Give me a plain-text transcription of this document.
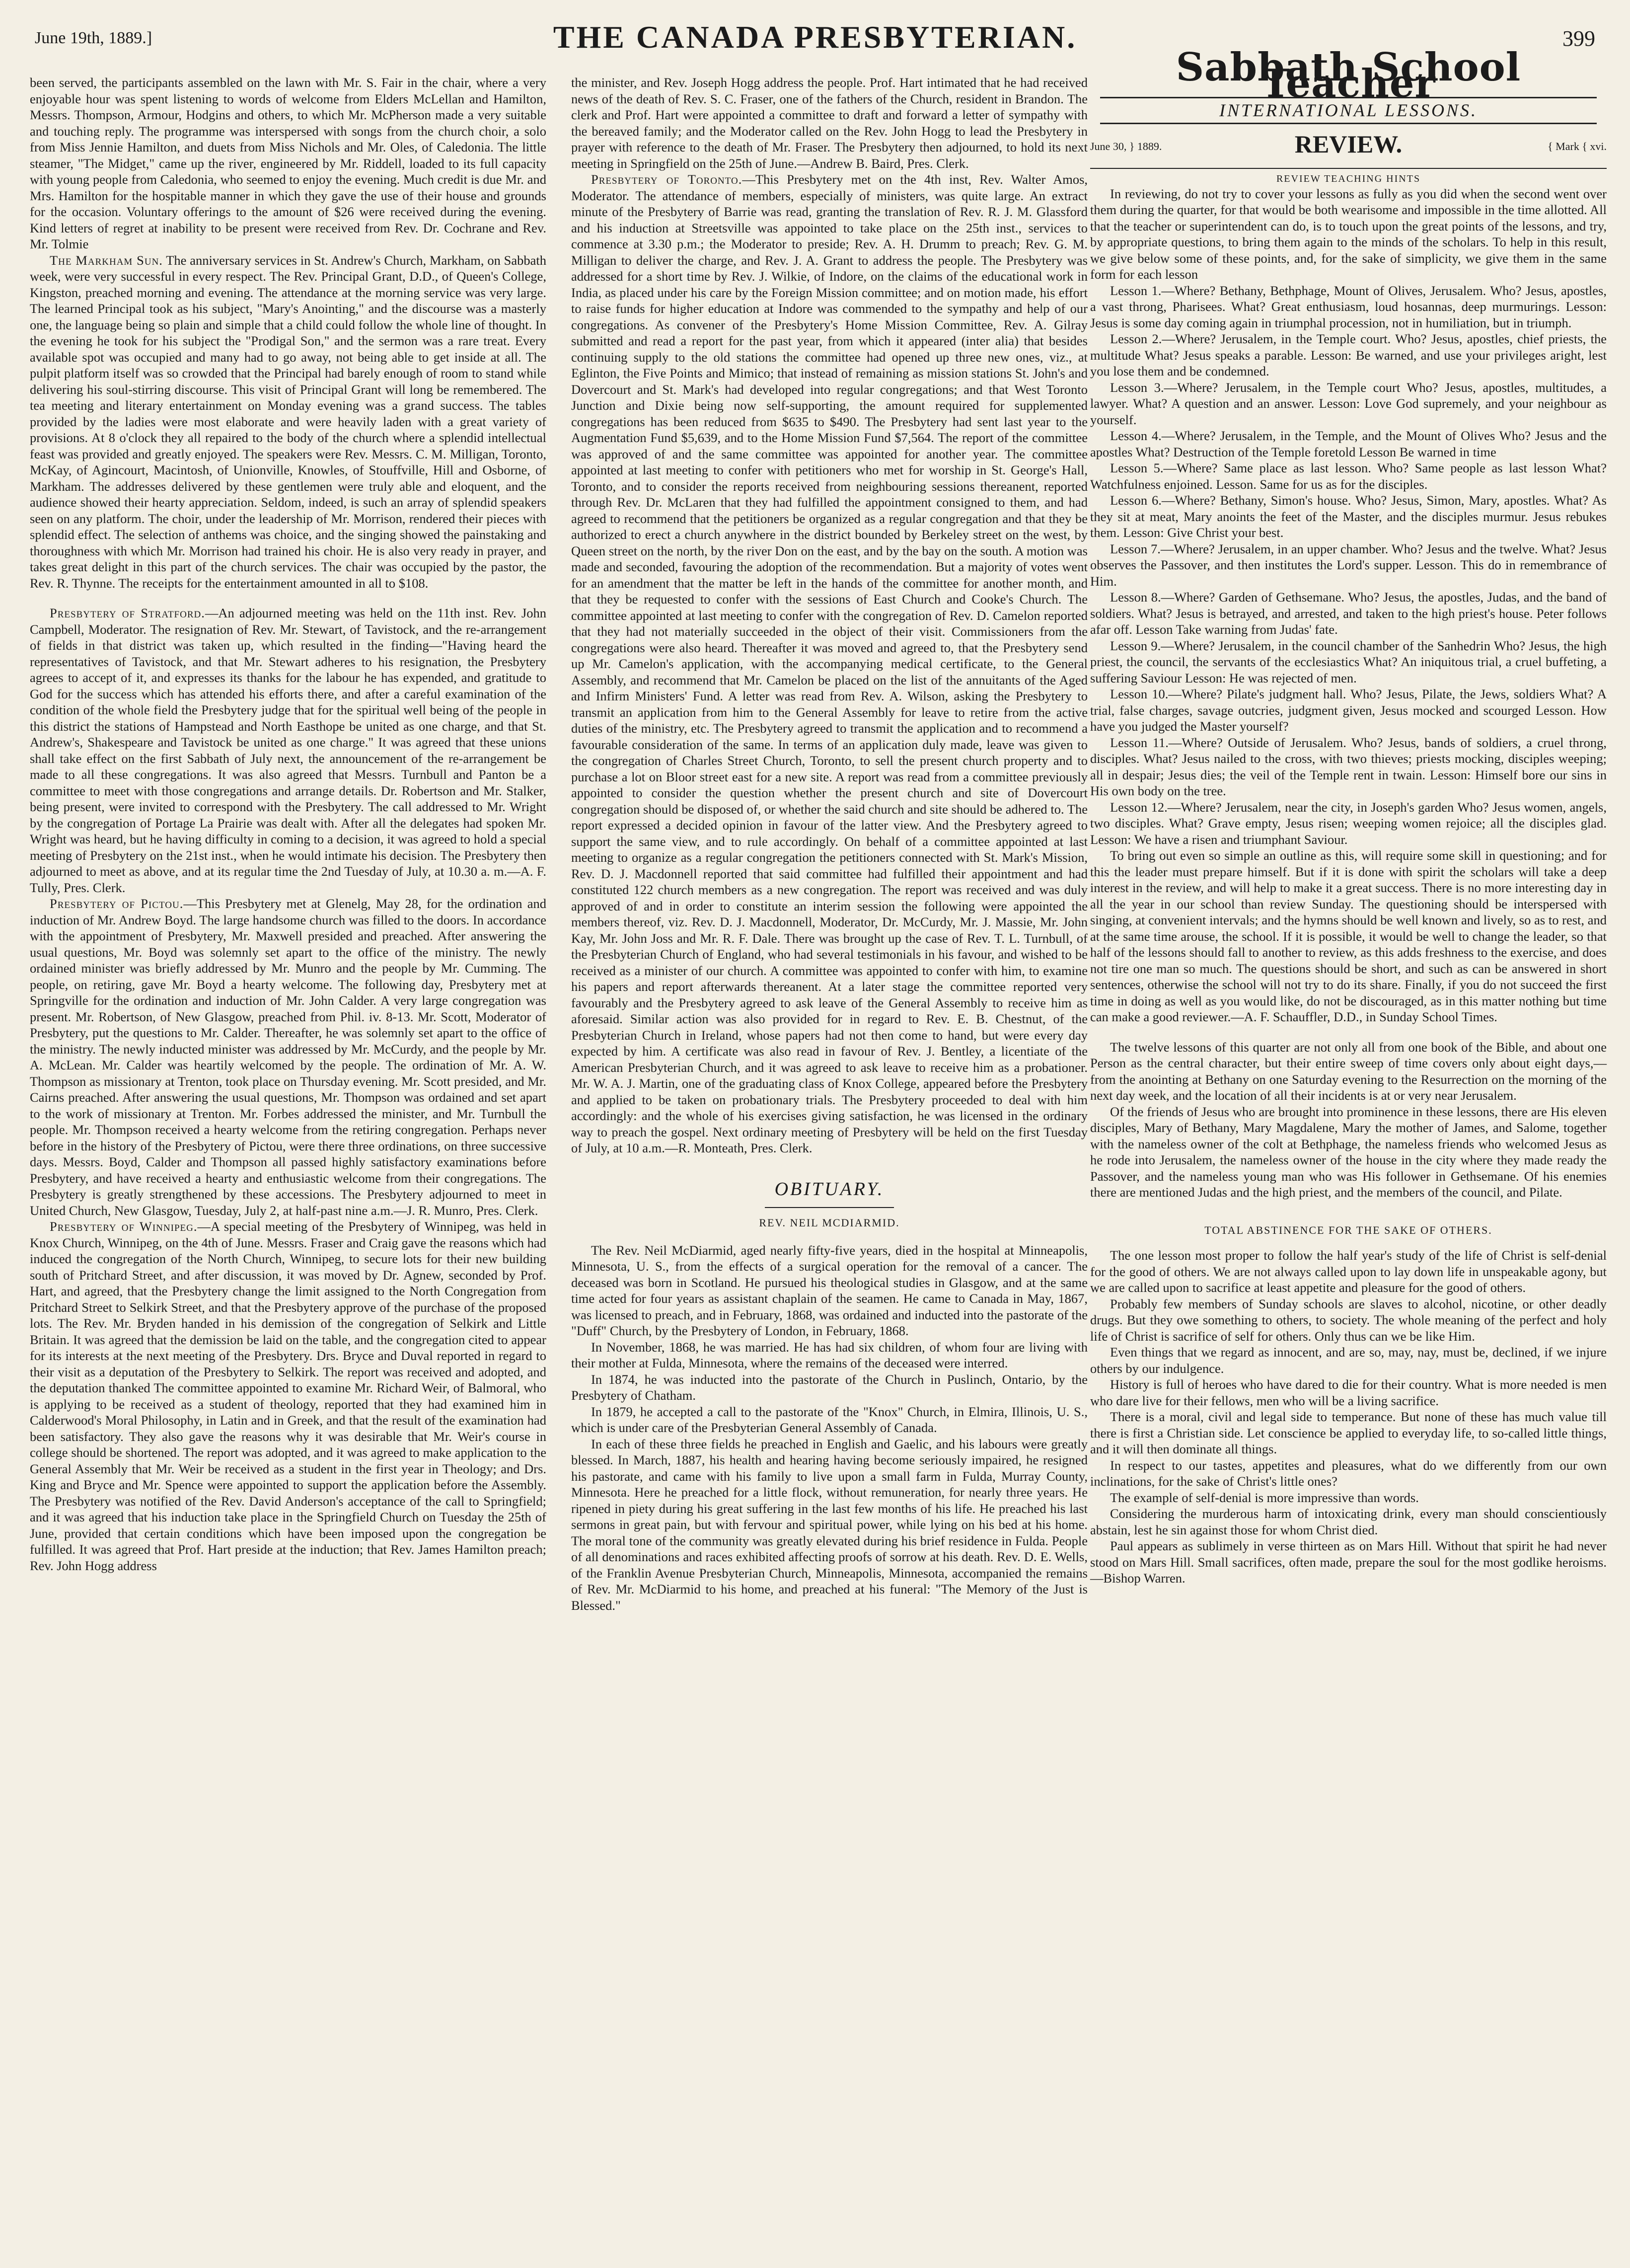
June 19th, 1889.]	THE CANADA PRESBYTERIAN.	399

been served, the participants assembled on the lawn with Mr. S. Fair in the chair, where a very enjoyable hour was spent listening to words of welcome from Elders McLellan and Hamilton, Messrs. Thompson, Armour, Hodgins and others, to which Mr. McPherson made a very suitable and touching reply. The programme was interspersed with songs from the church choir, a solo from Miss Jennie Hamilton, and duets from Miss Nichols and Mr. Oles, of Caledonia. The little steamer, "The Midget," came up the river, engineered by Mr. Riddell, loaded to its full capacity with young people from Caledonia, who seemed to enjoy the evening. Much credit is due Mr. and Mrs. Hamilton for the hospitable manner in which they gave the use of their house and grounds for the occasion. Voluntary offerings to the amount of $26 were received during the evening. Kind letters of regret at inability to be present were received from Rev. Dr. Cochrane and Rev. Mr. Tolmie

The Markham Sun. The anniversary services in St. Andrew's Church, Markham, on Sabbath week, were very successful in every respect. The Rev. Principal Grant, D.D., of Queen's College, Kingston, preached morning and evening. The attendance at the morning service was very large. The learned Principal took as his subject, "Mary's Anointing," and the discourse was a masterly one, the language being so plain and simple that a child could follow the whole line of thought. In the evening he took for his subject the "Prodigal Son," and the sermon was a rare treat. Every available spot was occupied and many had to go away, not being able to get inside at all. The pulpit platform itself was so crowded that the Principal had barely enough of room to stand while delivering his soul-stirring discourse. This visit of Principal Grant will long be remembered. The tea meeting and literary entertainment on Monday evening was a grand success. The tables provided by the ladies were most elaborate and were heavily laden with a great variety of provisions. At 8 o'clock they all repaired to the body of the church where a splendid intellectual feast was provided and greatly enjoyed. The speakers were Rev. Messrs. C. M. Milligan, Toronto, McKay, of Agincourt, Macintosh, of Unionville, Knowles, of Stouffville, Hill and Osborne, of Markham. The addresses delivered by these gentlemen were truly able and eloquent, and the audience showed their hearty appreciation. Seldom, indeed, is such an array of splendid speakers seen on any platform. The choir, under the leadership of Mr. Morrison, rendered their pieces with splendid effect. The selection of anthems was choice, and the singing showed the painstaking and thoroughness with which Mr. Morrison had trained his choir. He is also very ready in prayer, and takes great delight in this part of the church services. The chair was occupied by the pastor, the Rev. R. Thynne. The receipts for the entertainment amounted in all to $108.

Presbytery of Stratford.—An adjourned meeting was held on the 11th inst. Rev. John Campbell, Moderator. The resignation of Rev. Mr. Stewart, of Tavistock, and the re-arrangement of fields in that district was taken up, which resulted in the finding—"Having heard the representatives of Tavistock, and that Mr. Stewart adheres to his resignation, the Presbytery agrees to accept of it, and expresses its thanks for the labour he has expended, and gratitude to God for the success which has attended his efforts there, and after a careful examination of the condition of the whole field the Presbytery judge that for the spiritual well being of the people in this district the stations of Hampstead and North Easthope be united as one charge, and that St. Andrew's, Shakespeare and Tavistock be united as one charge." It was agreed that these unions shall take effect on the first Sabbath of July next, the announcement of the re-arrangement be made to all these congregations. It was also agreed that Messrs. Turnbull and Panton be a committee to meet with those congregations and arrange details. Dr. Robertson and Mr. Stalker, being present, were invited to correspond with the Presbytery. The call addressed to Mr. Wright by the congregation of Portage La Prairie was dealt with. After all the delegates had spoken Mr. Wright was heard, but he having difficulty in coming to a decision, it was agreed to hold a special meeting of Presbytery on the 21st inst., when he would intimate his decision. The Presbytery then adjourned to meet as above, and at its regular time the 2nd Tuesday of July, at 10.30 a. m.—A. F. Tully, Pres. Clerk.

Presbytery of Pictou.—This Presbytery met at Glenelg, May 28, for the ordination and induction of Mr. Andrew Boyd. The large handsome church was filled to the doors. In accordance with the appointment of Presbytery, Mr. Maxwell presided and preached. After answering the usual questions, Mr. Boyd was solemnly set apart to the office of the ministry. The newly ordained minister was briefly addressed by Mr. Munro and the people by Mr. Cumming. The people, on retiring, gave Mr. Boyd a hearty welcome. The following day, Presbytery met at Springville for the ordination and induction of Mr. John Calder. A very large congregation was present. Mr. Robertson, of New Glasgow, preached from Phil. iv. 8-13. Mr. Scott, Moderator of Presbytery, put the questions to Mr. Calder. Thereafter, he was solemnly set apart to the office of the ministry. The newly inducted minister was addressed by Mr. McCurdy, and the people by Mr. A. McLean. Mr. Calder was heartily welcomed by the people. The ordination of Mr. A. W. Thompson as missionary at Trenton, took place on Thursday evening. Mr. Scott presided, and Mr. Cairns preached. After answering the usual questions, Mr. Thompson was ordained and set apart to the work of missionary at Trenton. Mr. Forbes addressed the minister, and Mr. Turnbull the people. Mr. Thompson received a hearty welcome from the retiring congregation. Perhaps never before in the history of the Presbytery of Pictou, were there three ordinations, on three successive days. Messrs. Boyd, Calder and Thompson all passed highly satisfactory examinations before Presbytery, and have received a hearty and enthusiastic welcome from their congregations. The Presbytery is greatly strengthened by these accessions. The Presbytery adjourned to meet in United Church, New Glasgow, Tuesday, July 2, at half-past nine a.m.—J. R. Munro, Pres. Clerk.

Presbytery of Winnipeg.—A special meeting of the Presbytery of Winnipeg, was held in Knox Church, Winnipeg, on the 4th of June. Messrs. Fraser and Craig gave the reasons which had induced the congregation of the North Church, Winnipeg, to secure lots for their new building south of Pritchard Street, and after discussion, it was moved by Dr. Agnew, seconded by Prof. Hart, and agreed, that the Presbytery change the limit assigned to the North Congregation from Pritchard Street to Selkirk Street, and that the Presbytery approve of the purchase of the proposed lots. The Rev. Mr. Bryden handed in his demission of the congregation of Selkirk and Little Britain. It was agreed that the demission be laid on the table, and the congregation cited to appear for its interests at the next meeting of the Presbytery. Drs. Bryce and Duval reported in regard to their visit as a deputation of the Presbytery to Selkirk. The report was received and adopted, and the deputation thanked The committee appointed to examine Mr. Richard Weir, of Balmoral, who is applying to be received as a student of theology, reported that they had examined him in Calderwood's Moral Philosophy, in Latin and in Greek, and that the result of the examination had been satisfactory. They also gave the reasons why it was desirable that Mr. Weir's course in college should be shortened. The report was adopted, and it was agreed to make application to the General Assembly that Mr. Weir be received as a student in the first year in Theology; and Drs. King and Bryce and Mr. Spence were appointed to support the application before the Assembly. The Presbytery was notified of the Rev. David Anderson's acceptance of the call to Springfield; and it was agreed that his induction take place in the Springfield Church on Tuesday the 25th of June, provided that certain conditions which have been imposed upon the congregation be fulfilled. It was agreed that Prof. Hart preside at the induction; that Rev. James Hamilton preach; Rev. John Hogg address

the minister, and Rev. Joseph Hogg address the people. Prof. Hart intimated that he had received news of the death of Rev. S. C. Fraser, one of the fathers of the Church, resident in Brandon. The clerk and Prof. Hart were appointed a committee to draft and forward a letter of sympathy with the bereaved family; and the Moderator called on the Rev. John Hogg to lead the Presbytery in prayer with reference to the death of Mr. Fraser. The Presbytery then adjourned, to hold its next meeting in Springfield on the 25th of June.—Andrew B. Baird, Pres. Clerk.

Presbytery of Toronto.—This Presbytery met on the 4th inst, Rev. Walter Amos, Moderator. The attendance of members, especially of ministers, was quite large. An extract minute of the Presbytery of Barrie was read, granting the translation of Rev. R. J. M. Glassford and his induction at Streetsville was appointed to take place on the 25th inst., services to commence at 3.30 p.m.; the Moderator to preside; Rev. A. H. Drumm to preach; Rev. G. M. Milligan to deliver the charge, and Rev. J. A. Grant to address the people. The Presbytery was addressed for a short time by Rev. J. Wilkie, of Indore, on the claims of the educational work in India, as placed under his care by the Foreign Mission committee; and on motion made, his effort to raise funds for higher education at Indore was commended to the sympathy and help of our congregations. As convener of the Presbytery's Home Mission Committee, Rev. A. Gilray submitted and read a report for the past year, from which it appeared (inter alia) that besides continuing supply to the old stations the committee had opened up three new ones, viz., at Eglinton, the Five Points and Mimico; that instead of remaining as mission stations St. John's and Dovercourt and St. Mark's had developed into regular congregations; and that West Toronto Junction and Dixie being now self-supporting, the amount required for supplemented congregations has been reduced from $635 to $490. The Presbytery had sent last year to the Augmentation Fund $5,639, and to the Home Mission Fund $7,564. The report of the committee was approved of and the same committee was appointed for another year. The committee appointed at last meeting to confer with petitioners who met for worship in St. George's Hall, Toronto, and to consider the reports received from neighbouring sessions thereanent, reported through Rev. Dr. McLaren that they had fulfilled the appointment consigned to them, and had agreed to recommend that the petitioners be organized as a regular congregation and that they be authorized to erect a church anywhere in the district bounded by Berkeley street on the west, by Queen street on the north, by the river Don on the east, and by the bay on the south. A motion was made and seconded, favouring the adoption of the recommendation. But a majority of votes went for an amendment that the matter be left in the hands of the committee for another month, and that they be requested to confer with the sessions of East Church and Cooke's Church. The committee appointed at last meeting to confer with the congregation of Rev. D. Camelon reported that they had not materially succeeded in the object of their visit. Commissioners from the congregations were also heard. Thereafter it was moved and agreed to, that the Presbytery send up Mr. Camelon's application, with the accompanying medical certificate, to the General Assembly, and recommend that Mr. Camelon be placed on the list of the annuitants of the Aged and Infirm Ministers' Fund. A letter was read from Rev. A. Wilson, asking the Presbytery to transmit an application from him to the General Assembly for leave to retire from the active duties of the ministry, etc. The Presbytery agreed to transmit the application and to recommend a favourable consideration of the same. In terms of an application duly made, leave was given to the congregation of Charles Street Church, Toronto, to sell the present church property and to purchase a lot on Bloor street east for a new site. A report was read from a committee previously appointed to consider the question whether the present church and site of Dovercourt congregation should be disposed of, or whether the said church and site should be adhered to. The report expressed a decided opinion in favour of the latter view. And the Presbytery agreed to support the same view, and to rule accordingly. On behalf of a committee appointed at last meeting to organize as a regular congregation the petitioners connected with St. Mark's Mission, Rev. D. J. Macdonnell reported that said committee had fulfilled their appointment and had constituted 122 church members as a new congregation. The report was received and was duly approved of and in order to constitute an interim session the following were appointed the members thereof, viz. Rev. D. J. Macdonnell, Moderator, Dr. McCurdy, Mr. J. Massie, Mr. John Kay, Mr. John Joss and Mr. R. F. Dale. There was brought up the case of Rev. T. L. Turnbull, of the Presbyterian Church of England, who had several testimonials in his favour, and wished to be received as a minister of our church. A committee was appointed to confer with him, to examine his papers and report afterwards thereanent. At a later stage the committee reported very favourably and the Presbytery agreed to ask leave of the General Assembly to receive him as aforesaid. Similar action was also provided for in regard to Rev. E. B. Chestnut, of the Presbyterian Church in Ireland, whose papers had not then come to hand, but were every day expected by him. A certificate was also read in favour of Rev. J. Bentley, a licentiate of the American Presbyterian Church, and it was agreed to ask leave to receive him as a probationer. Mr. W. A. J. Martin, one of the graduating class of Knox College, appeared before the Presbytery and applied to be taken on probationary trials. The Presbytery proceeded to deal with him accordingly: and the whole of his exercises giving satisfaction, he was licensed in the ordinary way to preach the gospel. Next ordinary meeting of Presbytery will be held on the first Tuesday of July, at 10 a.m.—R. Monteath, Pres. Clerk.

OBITUARY.
REV. NEIL MCDIARMID.

The Rev. Neil McDiarmid, aged nearly fifty-five years, died in the hospital at Minneapolis, Minnesota, U. S., from the effects of a surgical operation for the removal of a cancer. The deceased was born in Scotland. He pursued his theological studies in Glasgow, and at the same time acted for four years as assistant chaplain of the seamen. He came to Canada in May, 1867, was licensed to preach, and in February, 1868, was ordained and inducted into the pastorate of the "Duff" Church, by the Presbytery of London, in February, 1868.

In November, 1868, he was married. He has had six children, of whom four are living with their mother at Fulda, Minnesota, where the remains of the deceased were interred.

In 1874, he was inducted into the pastorate of the Church in Puslinch, Ontario, by the Presbytery of Chatham.

In 1879, he accepted a call to the pastorate of the "Knox" Church, in Elmira, Illinois, U. S., which is under care of the Presbyterian General Assembly of Canada.

In each of these three fields he preached in English and Gaelic, and his labours were greatly blessed. In March, 1887, his health and hearing having become seriously impaired, he resigned his pastorate, and came with his family to live upon a small farm in Fulda, Murray County, Minnesota. Here he preached for a little flock, without remuneration, for nearly three years. He ripened in piety during his great suffering in the last few months of his life. He preached his last sermons in great pain, but with fervour and spiritual power, while lying on his bed at his home. The moral tone of the community was greatly elevated during his brief residence in Fulda. People of all denominations and races exhibited affecting proofs of sorrow at his death. Rev. D. E. Wells, of the Franklin Avenue Presbyterian Church, Minneapolis, Minnesota, accompanied the remains of Rev. Mr. McDiarmid to his home, and preached at his funeral: "The Memory of the Just is Blessed."

Sabbath School Teacher
INTERNATIONAL LESSONS.
June 30, } 1889.	REVIEW.	{ Mark { xvi.
REVIEW TEACHING HINTS

In reviewing, do not try to cover your lessons as fully as you did when the second went over them during the quarter, for that would be both wearisome and impossible in the time allotted. All that the teacher or superintendent can do, is to touch upon the great points of the lessons, and try, by appropriate questions, to bring them again to the minds of the scholars. To help in this result, we give below some of these points, and, for the sake of simplicity, we give them in the same form for each lesson

Lesson 1.—Where? Bethany, Bethphage, Mount of Olives, Jerusalem. Who? Jesus, apostles, a vast throng, Pharisees. What? Great enthusiasm, loud hosannas, deep murmurings. Lesson: Jesus is some day coming again in triumphal procession, not in humiliation, but in triumph.

Lesson 2.—Where? Jerusalem, in the Temple court. Who? Jesus, apostles, chief priests, the multitude What? Jesus speaks a parable. Lesson: Be warned, and use your privileges aright, lest you lose them and be condemned.

Lesson 3.—Where? Jerusalem, in the Temple court Who? Jesus, apostles, multitudes, a lawyer. What? A question and an answer. Lesson: Love God supremely, and your neighbour as yourself.

Lesson 4.—Where? Jerusalem, in the Temple, and the Mount of Olives Who? Jesus and the apostles What? Destruction of the Temple foretold Lesson Be warned in time

Lesson 5.—Where? Same place as last lesson. Who? Same people as last lesson What? Watchfulness enjoined. Lesson. Same for us as for the disciples.

Lesson 6.—Where? Bethany, Simon's house. Who? Jesus, Simon, Mary, apostles. What? As they sit at meat, Mary anoints the feet of the Master, and the disciples murmur. Jesus rebukes them. Lesson: Give Christ your best.

Lesson 7.—Where? Jerusalem, in an upper chamber. Who? Jesus and the twelve. What? Jesus observes the Passover, and then institutes the Lord's supper. Lesson. This do in remembrance of Him.

Lesson 8.—Where? Garden of Gethsemane. Who? Jesus, the apostles, Judas, and the band of soldiers. What? Jesus is betrayed, and arrested, and taken to the high priest's house. Peter follows afar off. Lesson Take warning from Judas' fate.

Lesson 9.—Where? Jerusalem, in the council chamber of the Sanhedrin Who? Jesus, the high priest, the council, the servants of the ecclesiastics What? An iniquitous trial, a cruel buffeting, a suffering Saviour Lesson: He was rejected of men.

Lesson 10.—Where? Pilate's judgment hall. Who? Jesus, Pilate, the Jews, soldiers What? A trial, false charges, savage outcries, judgment given, Jesus mocked and scourged Lesson. How have you judged the Master yourself?

Lesson 11.—Where? Outside of Jerusalem. Who? Jesus, bands of soldiers, a cruel throng, disciples. What? Jesus nailed to the cross, with two thieves; priests mocking, disciples weeping; all in despair; Jesus dies; the veil of the Temple rent in twain. Lesson: Himself bore our sins in His own body on the tree.

Lesson 12.—Where? Jerusalem, near the city, in Joseph's garden Who? Jesus women, angels, two disciples. What? Grave empty, Jesus risen; weeping women rejoice; all the disciples glad. Lesson: We have a risen and triumphant Saviour.

To bring out even so simple an outline as this, will require some skill in questioning; and for this the leader must prepare himself. But if it is done with spirit the scholars will take a deep interest in the review, and will help to make it a great success. There is no more interesting day in all the year in our school than review Sunday. The questioning should be interspersed with singing, at convenient intervals; and the hymns should be well known and lively, so as to rest, and at the same time arouse, the school. If it is possible, it would be well to change the leader, so that half of the lessons should fall to another to review, as this adds freshness to the exercise, and does not tire one man so much. The questions should be short, and such as can be answered in short sentences, otherwise the school will not try to do its share. Finally, if you do not succeed the first time in doing as well as you would like, do not be discouraged, as in this matter nothing but time can make a good reviewer.—A. F. Schauffler, D.D., in Sunday School Times.

The twelve lessons of this quarter are not only all from one book of the Bible, and about one Person as the central character, but their entire sweep of time covers only about eight days,—from the anointing at Bethany on one Saturday evening to the Resurrection on the morning of the next day week, and the location of all their incidents is at or very near Jerusalem.

Of the friends of Jesus who are brought into prominence in these lessons, there are His eleven disciples, Mary of Bethany, Mary Magdalene, Mary the mother of James, and Salome, together with the nameless owner of the colt at Bethphage, the nameless friends who welcomed Jesus as he rode into Jerusalem, the nameless owner of the house in the city where they made ready the Passover, and the nameless young man who was His follower in Gethsemane. Of his enemies there are mentioned Judas and the high priest, and the members of the council, and Pilate.

TOTAL ABSTINENCE FOR THE SAKE OF OTHERS.

The one lesson most proper to follow the half year's study of the life of Christ is self-denial for the good of others. We are not always called upon to lay down life in unspeakable agony, but we are called upon to sacrifice at least appetite and pleasure for the good of others.

Probably few members of Sunday schools are slaves to alcohol, nicotine, or other deadly drugs. But they owe something to others, to society. The whole meaning of the perfect and holy life of Christ is sacrifice of self for others. Only thus can we be like Him.

Even things that we regard as innocent, and are so, may, nay, must be, declined, if we injure others by our indulgence.

History is full of heroes who have dared to die for their country. What is more needed is men who dare live for their fellows, men who will be a living sacrifice.

There is a moral, civil and legal side to temperance. But none of these has much value till there is first a Christian side. Let conscience be applied to everyday life, to so-called little things, and it will then dominate all things.

In respect to our tastes, appetites and pleasures, what do we differently from our own inclinations, for the sake of Christ's little ones?

The example of self-denial is more impressive than words.

Considering the murderous harm of intoxicating drink, every man should conscientiously abstain, lest he sin against those for whom Christ died.

Paul appears as sublimely in verse thirteen as on Mars Hill. Without that spirit he had never stood on Mars Hill. Small sacrifices, often made, prepare the soul for the most godlike heroisms.—Bishop Warren.
